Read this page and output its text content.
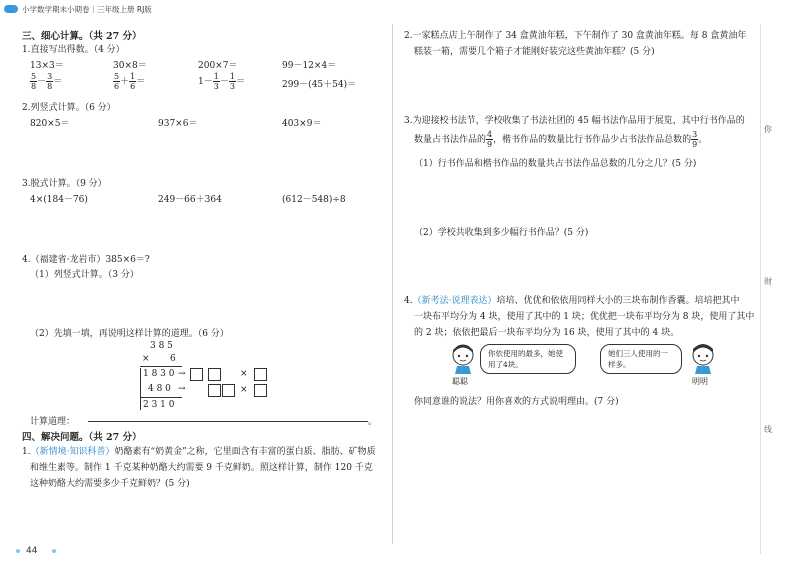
小学数学期末小期卷｜三年级上册 RJ版
三、细心计算。（共 27 分）
1.直接写出得数。（4 分）
13×3＝	30×8＝	200×7＝	99－12×4＝
$\frac{5}{8} - \frac{3}{8}$ ＝	$\frac{5}{6} + \frac{1}{6}$ ＝	$1- \frac{1}{3} - \frac{1}{3}$ ＝	299－(45＋54)＝
2.列竖式计算。（6 分）
820×5＝	937×6＝	403×9＝
3.脱式计算。（9 分）
4×(184－76)	249－66＋364	(612－548)÷8
4.（福建省·龙岩市）385×6＝?
（1）列竖式计算。（3 分）
（2）先填一填，再说明这样计算的道理。（6 分）
3 8 5
× 6
1 8 3 0 →	×
4 8 0 →	×
2 3 1 0
计算道理：	。
四、解决问题。（共 27 分）
1.（新情境·知识科普）奶酪素有“奶黄金”之称，它里面含有丰富的蛋白质、脂肪、矿物质
和维生素等。制作 1 千克某种奶酪大约需要 9 千克鲜奶。照这样计算，制作 120 千克
这种奶酪大约需要多少千克鲜奶？(5 分)
44
2.一家糕点店上午制作了 34 盒黄油年糕，下午制作了 30 盒黄油年糕。每 8 盒黄油年
糕装一箱，需要几个箱子才能刚好装完这些黄油年糕？(5 分)
3.为迎接校书法节，学校收集了书法社团的 45 幅书法作品用于展览，其中行书作品的
数量占书法作品的 $\frac{4}{9}$ ，楷书作品的数量比行书作品少占书法作品总数的 $\frac{3}{9}$ 。
（1）行书作品和楷书作品的数量共占书法作品总数的几分之几？(5 分)
（2）学校共收集到多少幅行书作品？(5 分)
4.（新考法·说理表达）培培、优优和依依用同样大小的三块布制作香囊。培培把其中
一块布平均分为 4 块，使用了其中的 1 块；优优把一块布平均分为 8 块，使用了其中
的 2 块；依依把最后一块布平均分为 16 块，使用了其中的 4 块。
你依使用的最多，她使用了4块。
聪聪
她们三人使用的一样多。
明明
你同意谁的说法？用你喜欢的方式说明理由。(7 分)
你
财
线
